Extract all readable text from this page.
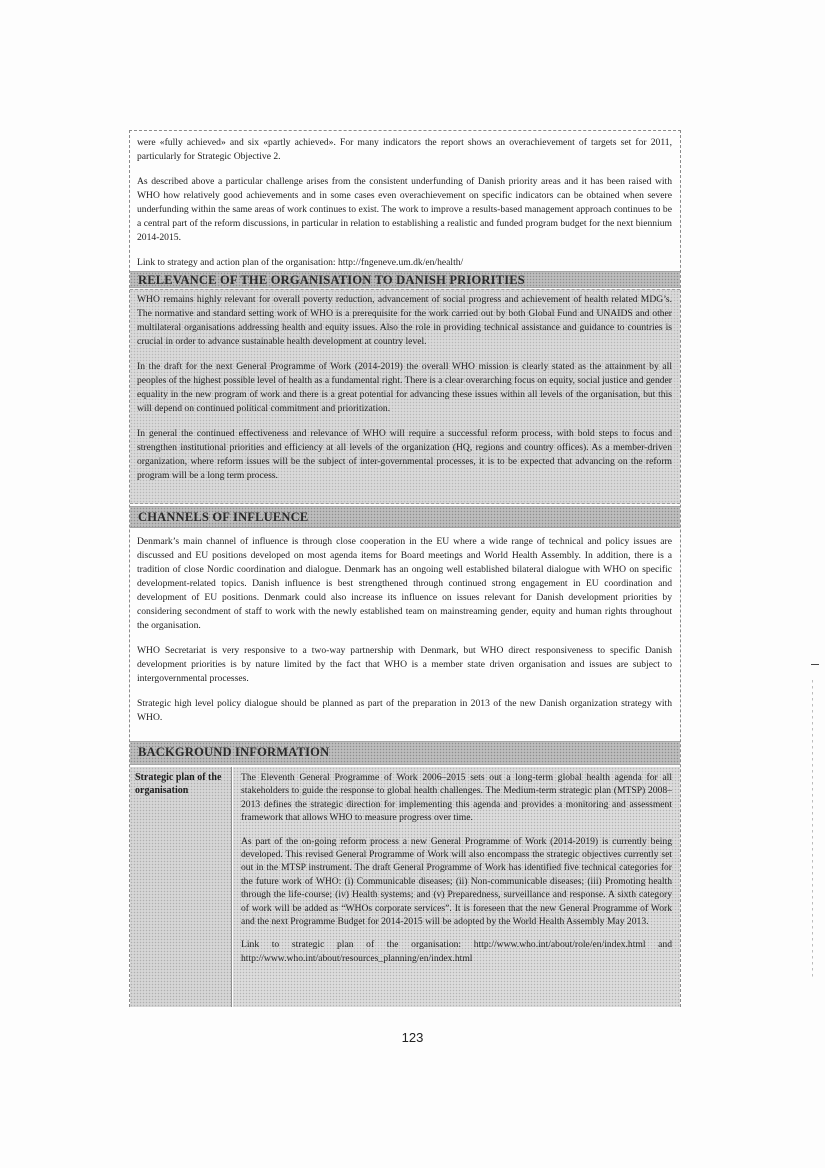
were «fully achieved» and six «partly achieved». For many indicators the report shows an overachievement of targets set for 2011, particularly for Strategic Objective 2.

As described above a particular challenge arises from the consistent underfunding of Danish priority areas and it has been raised with WHO how relatively good achievements and in some cases even overachievement on specific indicators can be obtained when severe underfunding within the same areas of work continues to exist. The work to improve a results-based management approach continues to be a central part of the reform discussions, in particular in relation to establishing a realistic and funded program budget for the next biennium 2014-2015.

Link to strategy and action plan of the organisation: http://fngeneve.um.dk/en/health/

RELEVANCE OF THE ORGANISATION TO DANISH PRIORITIES

WHO remains highly relevant for overall poverty reduction, advancement of social progress and achievement of health related MDG’s. The normative and standard setting work of WHO is a prerequisite for the work carried out by both Global Fund and UNAIDS and other multilateral organisations addressing health and equity issues. Also the role in providing technical assistance and guidance to countries is crucial in order to advance sustainable health development at country level.

In the draft for the next General Programme of Work (2014-2019) the overall WHO mission is clearly stated as the attainment by all peoples of the highest possible level of health as a fundamental right. There is a clear overarching focus on equity, social justice and gender equality in the new program of work and there is a great potential for advancing these issues within all levels of the organisation, but this will depend on continued political commitment and prioritization.

In general the continued effectiveness and relevance of WHO will require a successful reform process, with bold steps to focus and strengthen institutional priorities and efficiency at all levels of the organization (HQ, regions and country offices). As a member-driven organization, where reform issues will be the subject of inter-governmental processes, it is to be expected that advancing on the reform program will be a long term process.

CHANNELS OF INFLUENCE

Denmark’s main channel of influence is through close cooperation in the EU where a wide range of technical and policy issues are discussed and EU positions developed on most agenda items for Board meetings and World Health Assembly. In addition, there is a tradition of close Nordic coordination and dialogue. Denmark has an ongoing well established bilateral dialogue with WHO on specific development-related topics. Danish influence is best strengthened through continued strong engagement in EU coordination and development of EU positions. Denmark could also increase its influence on issues relevant for Danish development priorities by considering secondment of staff to work with the newly established team on mainstreaming gender, equity and human rights throughout the organisation.

WHO Secretariat is very responsive to a two-way partnership with Denmark, but WHO direct responsiveness to specific Danish development priorities is by nature limited by the fact that WHO is a member state driven organisation and issues are subject to intergovernmental processes.

Strategic high level policy dialogue should be planned as part of the preparation in 2013 of the new Danish organization strategy with WHO.

BACKGROUND INFORMATION
Strategic plan of the organisation

The Eleventh General Programme of Work 2006–2015 sets out a long-term global health agenda for all stakeholders to guide the response to global health challenges. The Medium-term strategic plan (MTSP) 2008–2013 defines the strategic direction for implementing this agenda and provides a monitoring and assessment framework that allows WHO to measure progress over time.

As part of the on-going reform process a new General Programme of Work (2014-2019) is currently being developed. This revised General Programme of Work will also encompass the strategic objectives currently set out in the MTSP instrument. The draft General Programme of Work has identified five technical categories for the future work of WHO: (i) Communicable diseases; (ii) Non-communicable diseases; (iii) Promoting health through the life-course; (iv) Health systems; and (v) Preparedness, surveillance and response. A sixth category of work will be added as “WHOs corporate services”. It is foreseen that the new General Programme of Work and the next Programme Budget for 2014-2015 will be adopted by the World Health Assembly May 2013.

Link to strategic plan of the organisation: http://www.who.int/about/role/en/index.html and http://www.who.int/about/resources_planning/en/index.html

123
